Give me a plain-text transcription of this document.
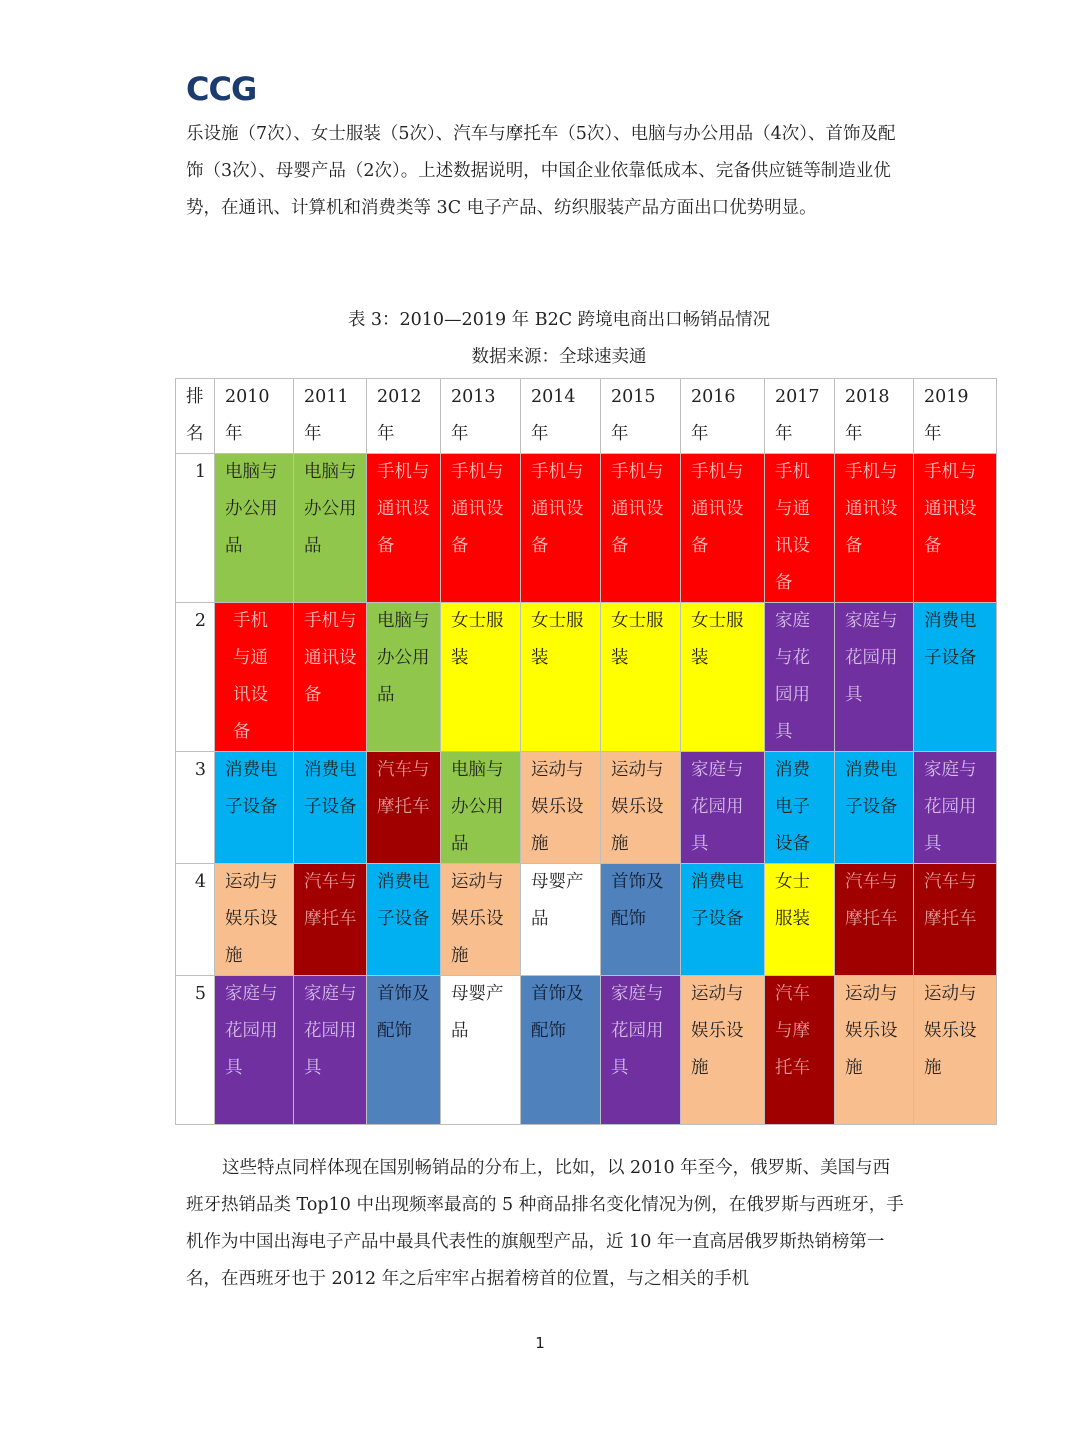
CCG

乐设施（7次）、女士服装（5次）、汽车与摩托车（5次）、电脑与办公用品（4次）、首饰及配饰（3次）、母婴产品（2次）。上述数据说明，中国企业依靠低成本、完备供应链等制造业优势，在通讯、计算机和消费类等 3C 电子产品、纺织服装产品方面出口优势明显。

表 3：2010—2019 年 B2C 跨境电商出口畅销品情况

数据来源：全球速卖通

排名	2010 年	2011 年	2012 年	2013 年	2014 年	2015 年	2016 年	2017 年	2018 年	2019 年
1	电脑与办公用品	电脑与办公用品	手机与通讯设备	手机与通讯设备	手机与通讯设备	手机与通讯设备	手机与通讯设备	手机与通讯设备	手机与通讯设备	手机与通讯设备
2	手机与通讯设备	手机与通讯设备	电脑与办公用品	女士服装	女士服装	女士服装	女士服装	家庭与花园用具	家庭与花园用具	消费电子设备
3	消费电子设备	消费电子设备	汽车与摩托车	电脑与办公用品	运动与娱乐设施	运动与娱乐设施	家庭与花园用具	消费电子设备	消费电子设备	家庭与花园用具
4	运动与娱乐设施	汽车与摩托车	消费电子设备	运动与娱乐设施	母婴产品	首饰及配饰	消费电子设备	女士服装	汽车与摩托车	汽车与摩托车
5	家庭与花园用具	家庭与花园用具	首饰及配饰	母婴产品	首饰及配饰	家庭与花园用具	运动与娱乐设施	汽车与摩托车	运动与娱乐设施	运动与娱乐设施

这些特点同样体现在国别畅销品的分布上，比如，以 2010 年至今，俄罗斯、美国与西班牙热销品类 Top10 中出现频率最高的 5 种商品排名变化情况为例，在俄罗斯与西班牙，手机作为中国出海电子产品中最具代表性的旗舰型产品，近 10 年一直高居俄罗斯热销榜第一名，在西班牙也于 2012 年之后牢牢占据着榜首的位置，与之相关的手机

1
